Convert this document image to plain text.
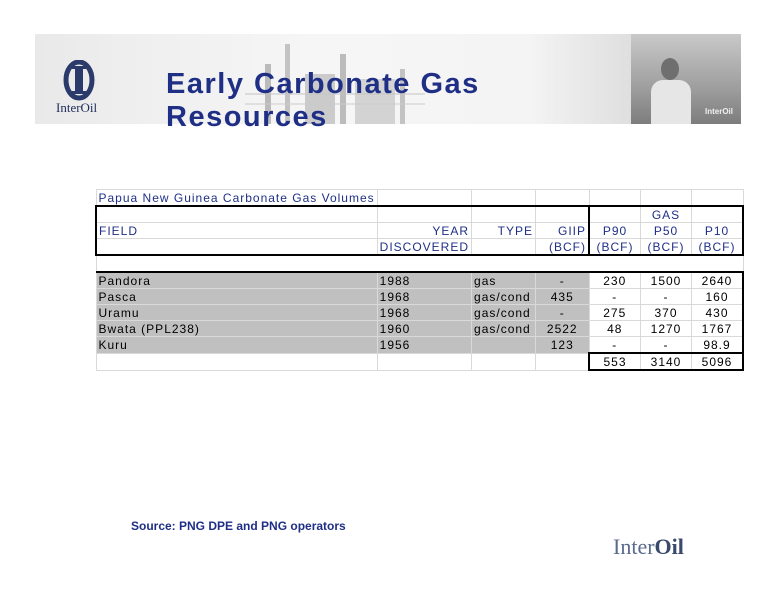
InterOil
InterOil
Early Carbonate Gas Resources
Papua New Guinea Carbonate Gas Volumes						
					GAS	
FIELD	YEAR	TYPE	GIIP	P90	P50	P10
	DISCOVERED		(BCF)	(BCF)	(BCF)	(BCF)

Pandora	1988	gas	-	230	1500	2640
Pasca	1968	gas/cond	435	-	-	160
Uramu	1968	gas/cond	-	275	370	430
Bwata (PPL238)	1960	gas/cond	2522	48	1270	1767
Kuru	1956		123	-	-	98.9
				553	3140	5096
Source: PNG DPE and PNG operators
InterOil
